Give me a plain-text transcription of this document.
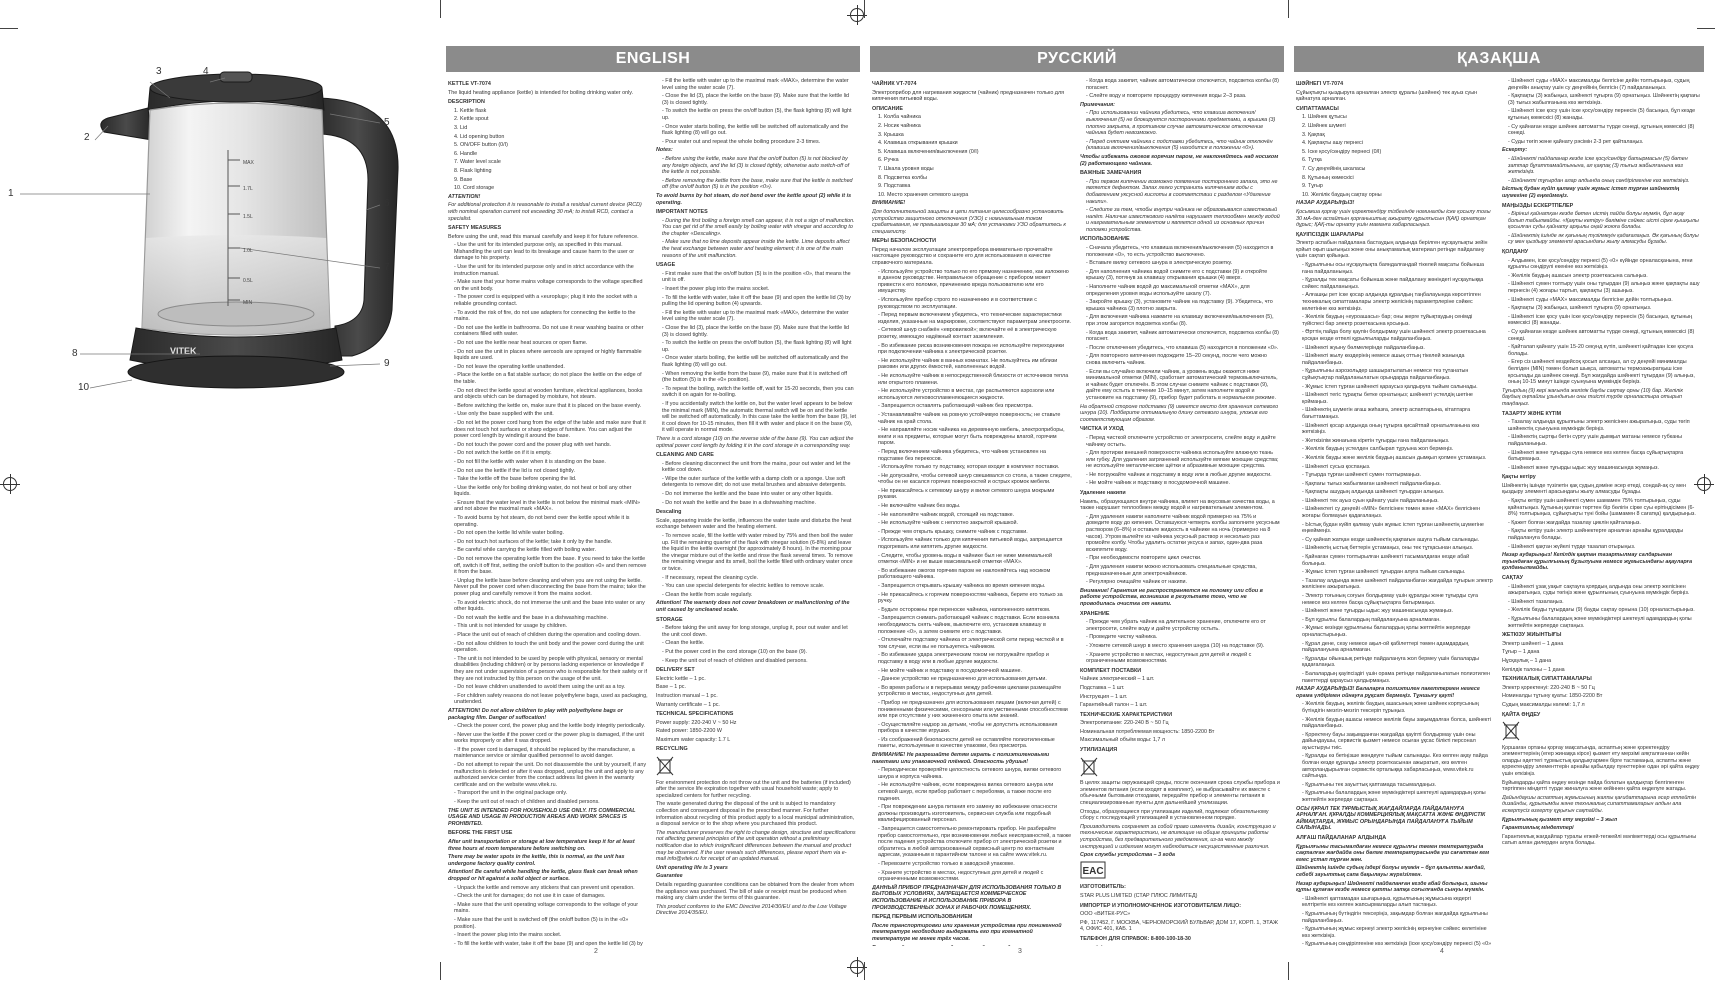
VITEK
MAX
1.7L
1.5L
1.0L
0.5L
MIN
1
2
3	4
5
6
7
8
9
10
ENGLISH

KETTLE VT-7074

The liquid heating appliance (kettle) is intended for boiling drinking water only.

DESCRIPTION

1. Kettle flask

2. Kettle spout

3. Lid

4. Lid opening button

5. ON/OFF button (0/I)

6. Handle

7. Water level scale

8. Flask lighting

9. Base

10. Cord storage

ATTENTION!

For additional protection it is reasonable to install a residual current device (RCD) with nominal operation current not exceeding 30 mA; to install RCD, contact a specialist.

SAFETY MEASURES

Before using the unit, read this manual carefully and keep it for future reference.

- Use the unit for its intended purpose only, as specified in this manual. Mishandling the unit can lead to its breakage and cause harm to the user or damage to his property.

- Use the unit for its intended purpose only and in strict accordance with the instruction manual.

- Make sure that your home mains voltage corresponds to the voltage specified on the unit body.

- The power cord is equipped with a «europlug»; plug it into the socket with a reliable grounding contact.

- To avoid the risk of fire, do not use adapters for connecting the kettle to the mains.

- Do not use the kettle in bathrooms. Do not use it near washing basins or other containers filled with water.

- Do not use the kettle near heat sources or open flame.

- Do not use the unit in places where aerosols are sprayed or highly flammable liquids are used.

- Do not leave the operating kettle unattended.

- Place the kettle on a flat stable surface; do not place the kettle on the edge of the table.

- Do not direct the kettle spout at wooden furniture, electrical appliances, books and objects which can be damaged by moisture, hot steam.

- Before switching the kettle on, make sure that it is placed on the base evenly.

- Use only the base supplied with the unit.

- Do not let the power cord hang from the edge of the table and make sure that it does not touch hot surfaces or sharp edges of furniture. You can adjust the power cord length by winding it around the base.

- Do not touch the power cord and the power plug with wet hands.

- Do not switch the kettle on if it is empty.

- Do not fill the kettle with water when it is standing on the base.

- Do not use the kettle if the lid is not closed tightly.

- Take the kettle off the base before opening the lid.

- Use the kettle only for boiling drinking water, do not heat or boil any other liquids.

- Ensure that the water level in the kettle is not below the minimal mark «MIN» and not above the maximal mark «MAX».

- To avoid burns by hot steam, do not bend over the kettle spout while it is operating.

- Do not open the kettle lid while water boiling.

- Do not touch hot surfaces of the kettle; take it only by the handle.

- Be careful while carrying the kettle filled with boiling water.

- Do not remove the operating kettle from the base. If you need to take the kettle off, switch it off first, setting the on/off button to the position «0» and then remove it from the base.

- Unplug the kettle base before cleaning and when you are not using the kettle. Never pull the power cord when disconnecting the base from the mains; take the power plug and carefully remove it from the mains socket.

- To avoid electric shock, do not immerse the unit and the base into water or any other liquids.

- Do not wash the kettle and the base in a dishwashing machine.

- This unit is not intended for usage by children.

- Place the unit out of reach of children during the operation and cooling down.

- Do not allow children to touch the unit body and the power cord during the unit operation.

- The unit is not intended to be used by people with physical, sensory or mental disabilities (including children) or by persons lacking experience or knowledge if they are not under supervision of a person who is responsible for their safety or if they are not instructed by this person on the usage of the unit.

- Do not leave children unattended to avoid them using the unit as a toy.

- For children safety reasons do not leave polyethylene bags, used as packaging, unattended.

ATTENTION! Do not allow children to play with polyethylene bags or packaging film. Danger of suffocation!

- Check the power cord, the power plug and the kettle body integrity periodically.

- Never use the kettle if the power cord or the power plug is damaged, if the unit works improperly or after it was dropped.

- If the power cord is damaged, it should be replaced by the manufacturer, a maintenance service or similar qualified personnel to avoid danger.

- Do not attempt to repair the unit. Do not disassemble the unit by yourself, if any malfunction is detected or after it was dropped, unplug the unit and apply to any authorized service center from the contact address list given in the warranty certificate and on the website www.vitek.ru.

- Transport the unit in the original package only.

- Keep the unit out of reach of children and disabled persons.

THE UNIT IS INTENDED FOR HOUSEHOLD USE ONLY. ITS COMMERCIAL USAGE AND USAGE IN PRODUCTION AREAS AND WORK SPACES IS PROHIBITED.

BEFORE THE FIRST USE

After unit transportation or storage at low temperature keep it for at least three hours at room temperature before switching on.

There may be water spots in the kettle, this is normal, as the unit has undergone factory quality control.

Attention! Be careful while handling the kettle, glass flask can break when dropped or hit against a solid object or surface.

- Unpack the kettle and remove any stickers that can prevent unit operation.

- Check the unit for damages; do not use it in case of damages.

- Make sure that the unit operating voltage corresponds to the voltage of your mains.

- Make sure that the unit is switched off (the on/off button (5) is in the «0» position).

- Insert the power plug into the mains socket.

- To fill the kettle with water, take it off the base (9) and open the kettle lid (3) by

- Fill the kettle with water up to the maximal mark «MAX», determine the water level using the water scale (7).

- Close the lid (3), place the kettle on the base (9). Make sure that the kettle lid (3) is closed tightly.

- To switch the kettle on press the on/off button (5), the flask lighting (8) will light up.

- Once water starts boiling, the kettle will be switched off automatically and the flask lighting (8) will go out.

- Pour water out and repeat the whole boiling procedure 2-3 times.

Notes:

- Before using the kettle, make sure that the on/off button (5) is not blocked by any foreign objects, and the lid (3) is closed tightly, otherwise auto switch-off of the kettle is not possible.

- Before removing the kettle from the base, make sure that the kettle is switched off (the on/off button (5) is in the position «0»).

To avoid burns by hot steam, do not bend over the kettle spout (2) while it is operating.

IMPORTANT NOTES

- During the first boiling a foreign smell can appear, it is not a sign of malfunction. You can get rid of the smell easily by boiling water with vinegar and according to the chapter «Descaling».

- Make sure that no lime deposits appear inside the kettle. Lime deposits affect the heat exchange between water and heating element; it is one of the main reasons of the unit malfunction.

USAGE

- First make sure that the on/off button (5) is in the position «0», that means the unit is off.

- Insert the power plug into the mains socket.

- To fill the kettle with water, take it off the base (9) and open the kettle lid (3) by pulling the lid opening button (4) upwards.

- Fill the kettle with water up to the maximal mark «MAX», determine the water level using the water scale (7).

- Close the lid (3), place the kettle on the base (9). Make sure that the kettle lid (3) is closed tightly.

- To switch the kettle on press the on/off button (5), the flask lighting (8) will light up.

- Once water starts boiling, the kettle will be switched off automatically and the flask lighting (8) will go out.

- When removing the kettle from the base (9), make sure that it is switched off (the button (5) is in the «0» position).

- To repeat the boiling, switch the kettle off, wait for 15-20 seconds, then you can switch it on again for re-boiling.

- If you accidentally switch the kettle on, but the water level appears to be below the minimal mark (MIN), the automatic thermal switch will be on and the kettle will be switched off automatically. In this case take the kettle from the base (9), let it cool down for 10-15 minutes, then fill it with water and place it on the base (9), it will operate in normal mode.

There is a cord storage (10) on the reverse side of the base (9). You can adjust the optimal power cord length by folding it in the cord storage in a corresponding way.

CLEANING AND CARE

- Before cleaning disconnect the unit from the mains, pour out water and let the kettle cool down.

- Wipe the outer surface of the kettle with a damp cloth or a sponge. Use soft detergents to remove dirt; do not use metal brushes and abrasive detergents.

- Do not immerse the kettle and the base into water or any other liquids.

- Do not wash the kettle and the base in a dishwashing machine.

Descaling

Scale, appearing inside the kettle, influences the water taste and disturbs the heat exchange between water and the heating element.

- To remove scale, fill the kettle with water mixed by 75% and then boil the water up. Fill the remaining quarter of the flask with vinegar solution (6-8%) and leave the liquid in the kettle overnight (for approximately 8 hours). In the morning pour the vinegar mixture out of the kettle and rinse the flask several times. To remove the remaining vinegar and its smell, boil the kettle filled with ordinary water once or twice.

- If necessary, repeat the cleaning cycle.

- You can use special detergents for electric kettles to remove scale.

- Clean the kettle from scale regularly.

Attention! The warranty does not cover breakdown or malfunctioning of the unit caused by uncleaned scale.

STORAGE

- Before taking the unit away for long storage, unplug it, pour out water and let the unit cool down.

- Clean the kettle.

- Put the power cord in the cord storage (10) on the base (9).

- Keep the unit out of reach of children and disabled persons.

DELIVERY SET

Electric kettle – 1 pc.

Base – 1 pc.

Instruction manual – 1 pc.

Warranty certificate – 1 pc.

TECHNICAL SPECIFICATIONS

Power supply: 220-240 V ~ 50 Hz

Rated power: 1850-2200 W

Maximum water capacity: 1.7 L

RECYCLING

For environment protection do not throw out the unit and the batteries (if included) after the service life expiration together with usual household waste; apply to specialized centers for further recycling.

The waste generated during the disposal of the unit is subject to mandatory collection and consequent disposal in the prescribed manner. For further information about recycling of this product apply to a local municipal administration, a disposal service or to the shop where you purchased this product.

The manufacturer preserves the right to change design, structure and specifications not affecting general principles of the unit operation without a preliminary notification due to which insignificant differences between the manual and product may be observed. If the user reveals such differences, please report them via e-mail info@vitek.ru for receipt of an updated manual.

Unit operating life is 3 years

Guarantee

Details regarding guarantee conditions can be obtained from the dealer from whom the appliance was purchased. The bill of sale or receipt must be produced when making any claim under the terms of this guarantee.

This product conforms to the EMC Directive 2014/30/EU and to the Low Voltage Directive 2014/35/EU.

2
РУССКИЙ

ЧАЙНИК VT-7074

Электроприбор для нагревания жидкости (чайник) предназначен только для кипячения питьевой воды.

ОПИСАНИЕ

1. Колба чайника

2. Носик чайника

3. Крышка

4. Клавиша открывания крышки

5. Клавиша включения/выключения (0/I)

6. Ручка

7. Шкала уровня воды

8. Подсветка колбы

9. Подставка

10. Место хранения сетевого шнура

ВНИМАНИЕ!

Для дополнительной защиты в цепи питания целесообразно установить устройство защитного отключения (УЗО) с номинальным током срабатывания, не превышающим 30 мА; для установки УЗО обратитесь к специалисту.

МЕРЫ БЕЗОПАСНОСТИ

Перед началом эксплуатации электроприбора внимательно прочитайте настоящее руководство и сохраните его для использования в качестве справочного материала.

- Используйте устройство только по его прямому назначению, как изложено в данном руководстве. Неправильное обращение с прибором может привести к его поломке, причинению вреда пользователю или его имуществу.

- Используйте прибор строго по назначению и в соответствии с руководством по эксплуатации.

- Перед первым включением убедитесь, что технические характеристики изделия, указанные на маркировке, соответствуют параметрам электросети.

- Сетевой шнур снабжён «евровилкой»; включайте её в электрическую розетку, имеющую надёжный контакт заземления.

- Во избежание риска возникновения пожара не используйте переходники при подключении чайника к электрической розетке.

- Не используйте чайник в ванных комнатах. Не пользуйтесь им вблизи раковин или других ёмкостей, наполненных водой.

- Не используйте чайник в непосредственной близости от источников тепла или открытого пламени.

- Не используйте устройство в местах, где распыляются аэрозоли или используются легковоспламеняющиеся жидкости.

- Запрещается оставлять работающий чайник без присмотра.

- Устанавливайте чайник на ровную устойчивую поверхность; не ставьте чайник на край стола.

- Не направляйте носик чайника на деревянную мебель, электроприборы, книги и на предметы, которые могут быть повреждены влагой, горячим паром.

- Перед включением чайника убедитесь, что чайник установлен на подставке без перекосов.

- Используйте только ту подставку, которая входит в комплект поставки.

- Не допускайте, чтобы сетевой шнур свешивался со стола, а также следите, чтобы он не касался горячих поверхностей и острых кромок мебели.

- Не прикасайтесь к сетевому шнуру и вилке сетевого шнура мокрыми руками.

- Не включайте чайник без воды.

- Не наполняйте чайник водой, стоящий на подставке.

- Не используйте чайник с неплотно закрытой крышкой.

- Прежде чем открыть крышку, снимите чайник с подставки.

- Используйте чайник только для кипячения питьевой воды, запрещается подогревать или кипятить другие жидкости.

- Следите, чтобы уровень воды в чайнике был не ниже минимальной отметки «MIN» и не выше максимальной отметки «MAX».

- Во избежание ожогов горячим паром не наклоняйтесь над носиком работающего чайника.

- Запрещается открывать крышку чайника во время кипения воды.

- Не прикасайтесь к горячим поверхностям чайника, берите его только за ручку.

- Будьте осторожны при переноске чайника, наполненного кипятком.

- Запрещается снимать работающий чайник с подставки. Если возникла необходимость снять чайник, выключите его, установив клавишу в положение «0», а затем снимите его с подставки.

- Отключайте подставку чайника от электрической сети перед чисткой и в том случае, если вы не пользуетесь чайником.

- Во избежание удара электрическим током не погружайте прибор и подставку в воду или в любые другие жидкости.

- Не мойте чайник и подставку в посудомоечной машине.

- Данное устройство не предназначено для использования детьми.

- Во время работы и в перерывах между рабочими циклами размещайте устройство в местах, недоступных для детей.

- Прибор не предназначен для использования лицами (включая детей) с пониженными физическими, сенсорными или умственными способностями или при отсутствии у них жизненного опыта или знаний.

- Осуществляйте надзор за детьми, чтобы не допустить использования прибора в качестве игрушки.

- Из соображений безопасности детей не оставляйте полиэтиленовые пакеты, используемые в качестве упаковки, без присмотра.

ВНИМАНИЕ! Не разрешайте детям играть с полиэтиленовыми пакетами или упаковочной плёнкой. Опасность удушья!

- Периодически проверяйте целостность сетевого шнура, вилки сетевого шнура и корпуса чайника.

- Не используйте чайник, если повреждена вилка сетевого шнура или сетевой шнур, если прибор работает с перебоями, а также после его падения.

- При повреждении шнура питания его замену во избежание опасности должны производить изготовитель, сервисная служба или подобный квалифицированный персонал.

- Запрещается самостоятельно ремонтировать прибор. Не разбирайте прибор самостоятельно, при возникновении любых неисправностей, а также после падения устройства отключите прибор от электрической розетки и обратитесь в любой авторизованный сервисный центр по контактным адресам, указанным в гарантийном талоне и на сайте www.vitek.ru.

- Перевозите устройство только в заводской упаковке.

- Храните устройство в местах, недоступных для детей и людей с ограниченными возможностями.

ДАННЫЙ ПРИБОР ПРЕДНАЗНАЧЕН ДЛЯ ИСПОЛЬЗОВАНИЯ ТОЛЬКО В БЫТОВЫХ УСЛОВИЯХ, ЗАПРЕЩАЕТСЯ КОММЕРЧЕСКОЕ ИСПОЛЬЗОВАНИЕ И ИСПОЛЬЗОВАНИЕ ПРИБОРА В ПРОИЗВОДСТВЕННЫХ ЗОНАХ И РАБОЧИХ ПОМЕЩЕНИЯХ.

ПЕРЕД ПЕРВЫМ ИСПОЛЬЗОВАНИЕМ

После транспортировки или хранения устройства при пониженной температуре необходимо выдержать его при комнатной температуре не менее трёх часов.

- Когда вода закипит, чайник автоматически отключится, подсветка колбы (8) погаснет.

- Слейте воду и повторите процедуру кипячения воды 2–3 раза.

Примечания:

- При использовании чайника убедитесь, что клавиша включения/выключения (5) не блокируется посторонними предметами, а крышка (3) плотно закрыта, в противном случае автоматическое отключение чайника будет невозможно.

- Перед снятием чайника с подставки убедитесь, что чайник отключён (клавиша включения/выключения (5) находится в положении «0»).

Чтобы избежать ожогов горячим паром, не наклоняйтесь над носиком (2) работающего чайника.

ВАЖНЫЕ ЗАМЕЧАНИЯ

- При первом кипячении возможно появление постороннего запаха, это не является дефектом. Запах легко устранить кипячением воды с добавлением уксусной кислоты в соответствии с разделом «Удаление накипи».

- Следите за тем, чтобы внутри чайника не образовывался известковый налёт. Наличие известкового налёта нарушает теплообмен между водой и нагревательным элементом и является одной из основных причин поломки устройства.

ИСПОЛЬЗОВАНИЕ

- Сначала убедитесь, что клавиша включения/выключения (5) находится в положении «0», то есть устройство выключено.

- Вставьте вилку сетевого шнура в электрическую розетку.

- Для наполнения чайника водой снимите его с подставки (9) и откройте крышку (3), потянув за клавишу открывания крышки (4) вверх.

- Наполните чайник водой до максимальной отметки «MAX», для определения уровня воды используйте шкалу (7).

- Закройте крышку (3), установите чайник на подставку (9). Убедитесь, что крышка чайника (3) плотно закрыта.

- Для включения чайника нажмите на клавишу включения/выключения (5), при этом загорится подсветка колбы (8).

- Когда вода закипит, чайник автоматически отключится, подсветка колбы (8) погаснет.

- После отключения убедитесь, что клавиша (5) находится в положении «0».

- Для повторного кипячения подождите 15–20 секунд, после чего можно снова включить чайник.

- Если вы случайно включили чайник, а уровень воды окажется ниже минимальной отметки (MIN), сработает автоматический термовыключатель, и чайник будет отключён. В этом случае снимите чайник с подставки (9), дайте ему остыть в течение 10–15 минут, затем наполните водой и установите на подставку (9), прибор будет работать в нормальном режиме.

На обратной стороне подставки (9) имеется место для хранения сетевого шнура (10). Подберите оптимальную длину сетевого шнура, уложив его соответствующим образом.

ЧИСТКА И УХОД

- Перед чисткой отключите устройство от электросети, слейте воду и дайте чайнику остыть.

- Для протирки внешней поверхности чайника используйте влажную ткань или губку. Для удаления загрязнений используйте мягкие моющие средства; не используйте металлические щётки и абразивные моющие средства.

- Не погружайте чайник и подставку в воду или в любые другие жидкости.

- Не мойте чайник и подставку в посудомоечной машине.

Удаление накипи

Накипь, образующаяся внутри чайника, влияет на вкусовые качества воды, а также нарушает теплообмен между водой и нагревательным элементом.

- Для удаления накипи наполните чайник водой примерно на 75% и доведите воду до кипения. Оставшуюся четверть колбы заполните уксусным раствором (6–8%) и оставьте жидкость в чайнике на ночь (примерно на 8 часов). Утром вылейте из чайника уксусный раствор и несколько раз промойте колбу. Чтобы удалить остатки уксуса и запах, один-два раза вскипятите воду.

- При необходимости повторите цикл очистки.

- Для удаления накипи можно использовать специальные средства, предназначенные для электрочайников.

- Регулярно очищайте чайник от накипи.

Внимание! Гарантия не распространяется на поломку или сбои в работе устройства, возникшие в результате того, что не проводилась очистка от накипи.

ХРАНЕНИЕ

- Прежде чем убрать чайник на длительное хранение, отключите его от электросети, слейте воду и дайте устройству остыть.

- Проведите чистку чайника.

- Уложите сетевой шнур в место хранения шнура (10) на подставке (9).

- Храните устройство в местах, недоступных для детей и людей с ограниченными возможностями.

КОМПЛЕКТ ПОСТАВКИ

Чайник электрический – 1 шт.

Подставка – 1 шт.

Инструкция – 1 шт.

Гарантийный талон – 1 шт.

ТЕХНИЧЕСКИЕ ХАРАКТЕРИСТИКИ

Электропитание: 220-240 В ~ 50 Гц

Номинальная потребляемая мощность: 1850-2200 Вт

Максимальный объём воды: 1,7 л

УТИЛИЗАЦИЯ

В целях защиты окружающей среды, после окончания срока службы прибора и элементов питания (если входят в комплект), не выбрасывайте их вместе с обычными бытовыми отходами, передайте прибор и элементы питания в специализированные пункты для дальнейшей утилизации.

Отходы, образующиеся при утилизации изделий, подлежат обязательному сбору с последующей утилизацией в установленном порядке.

Производитель сохраняет за собой право изменять дизайн, конструкцию и технические характеристики, не влияющие на общие принципы работы устройства, без предварительного уведомления, из-за чего между инструкцией и изделием могут наблюдаться несущественные различия.

Срок службы устройства – 3 года

EAC

ИЗГОТОВИТЕЛЬ:

STAR PLUS LIMITED (СТАР ПЛЮС ЛИМИТЕД)

ИМПОРТЕР И УПОЛНОМОЧЕННОЕ ИЗГОТОВИТЕЛЕМ ЛИЦО:

ООО «ВИТЕК-РУС»

РФ, 117452, Г. МОСКВА, ЧЕРНОМОРСКИЙ БУЛЬВАР, ДОМ 17, КОРП. 1, ЭТАЖ 4, ОФИС 401, КАБ. 1

ТЕЛЕФОН ДЛЯ СПРАВОК: 8-800-100-18-30

3
ҚАЗАҚША

ШӘЙНЕГІ VT-7074

Сұйықтықты қыздыруға арналған электр құралы (шәйнек) тек ауыз суын қайнатуға арналған.

СИПАТТАМАСЫ

1. Шәйнек құтысы

2. Шәйнек шүмегі

3. Қақпақ

4. Қақпақты ашу пернесі

5. Іске қосу/сөндіру пернесі (0/I)

6. Тұтқа

7. Су деңгейінің шкаласы

8. Құтының көмескісі

9. Тұғыр

10. Желілік баудың сақтау орны

НАЗАР АУДАРЫҢЫЗ!

Қосымша қорғау үшін қоректендіру тізбегінде номиналды іске қосылу тогы 30 мА-ден аспайтын қорғаныштық ажырату құрылғысын (ҚАҚ) орнатқан дұрыс; ҚАҚ-ты орнату үшін маманға хабарласыңыз.

ҚАУІПСІЗДІК ШАРАЛАРЫ

Электр аспабын пайдалана бастаудың алдында берілген нұсқаулықты зейін қойып оқып шығыңыз және оны анықтамалық материал ретінде пайдалану үшін сақтап қойыңыз.

- Құрылғыны осы нұсқаулықта баяндалғандай тікелей мақсаты бойынша ғана пайдаланыңыз.

- Құралды тек мақсаты бойынша және пайдалану жөніндегі нұсқаулыққа сәйкес пайдаланыңыз.

- Алғашқы рет іске қосар алдында құралдың таңбалауында көрсетілген техникалық сипаттамалары электр желісінің параметрлеріне сәйкес келетініне көз жеткізіңіз.

- Желілік баудың «еуроашасы» бар; оны жерге тұйықтаудың сенімді түйіспесі бар электр розеткасына қосыңыз.

- Өрттің пайда болу қаупін болдырмау үшін шәйнекті электр розеткасына қосқан кезде өтпелі құрылғыларды пайдаланбаңыз.

- Шәйнекті жуыну бөлмелерінде пайдаланбаңыз.

- Шәйнекті жылу көздерінің немесе ашық оттың тікелей жанында пайдаланбаңыз.

- Құрылғыны аэрозольдер шашыратылатын немесе тез тұтанатын сұйықтықтар пайдаланылатын орындарда пайдаланбаңыз.

- Жұмыс істеп тұрған шәйнекті қараусыз қалдыруға тыйым салынады.

- Шәйнекті тегіс тұрақты бетке орнатыңыз; шәйнекті үстелдің шетіне қоймаңыз.

- Шәйнектің шүмегін ағаш жиһазға, электр аспаптарына, кітаптарға бағыттамаңыз.

- Шәйнекті қосар алдында оның тұғырға қисайтпай орнатылғанына көз жеткізіңіз.

- Жеткізілім жинағына кіретін тұғырды ғана пайдаланыңыз.

- Желілік баудың үстелден салбырап тұруына жол бермеңіз.

- Желілік бауды және желілік баудың ашасын дымқыл қолмен ұстамаңыз.

- Шәйнекті сусыз қоспаңыз.

- Тұғырда тұрған шәйнекті сумен толтырмаңыз.

- Қақпағы тығыз жабылмаған шәйнекті пайдаланбаңыз.

- Қақпақты ашудың алдында шәйнекті тұғырдан алыңыз.

- Шәйнекті тек ауыз суын қайнату үшін пайдаланыңыз.

- Шәйнектегі су деңгейі «MIN» белгісінен төмен және «MAX» белгісінен жоғары болмауын қадағалаңыз.

- Ыстық будан күйіп қалмау үшін жұмыс істеп тұрған шәйнектің шүмегіне еңкеймеңіз.

- Су қайнап жатқан кезде шәйнектің қақпағын ашуға тыйым салынады.

- Шәйнектің ыстық беттерін ұстамаңыз, оны тек тұтқасынан алыңыз.

- Қайнаған сумен толтырылған шәйнекті тасымалдаған кезде абай болыңыз.

- Жұмыс істеп тұрған шәйнекті тұғырдан алуға тыйым салынады.

- Тазалау алдында және шәйнекті пайдаланбаған жағдайда тұғырын электр желісінен ажыратыңыз.

- Электр тоғының соғуын болдырмау үшін құралды және тұғырды суға немесе кез келген басқа сұйықтықтарға батырмаңыз.

- Шәйнекті және тұғырды ыдыс жуу машинасында жумаңыз.

- Бұл құрылғы балалардың пайдалануына арналмаған.

- Жұмыс кезінде құрылғыны балалардың қолы жетпейтін жерлерде орналастырыңыз.

- Құрал дене, сезу немесе ақыл-ой қабілеттері төмен адамдардың пайдалануына арналмаған.

- Құралды ойыншық ретінде пайдалануға жол бермеу үшін балаларды қадағалаңыз.

- Балалардың қауіпсіздігі үшін орама ретінде пайдаланылатын полиэтилен пакеттерді қараусыз қалдырмаңыз.

НАЗАР АУДАРЫҢЫЗ! Балаларға полиэтилен пакеттермен немесе орама үлдірімен ойнауға рұқсат бермеңіз. Тұншығу қаупі!

- Желілік баудың, желілік баудың ашасының және шәйнек корпусының бүтіндігін мезгіл-мезгіл тексеріп тұрыңыз.

- Желілік баудың ашасы немесе желілік бауы зақымдалған болса, шәйнекті пайдаланбаңыз.

- Қоректену бауы зақымданған жағдайда қауіпті болдырмау үшін оны дайындаушы, сервистік қызмет немесе осыған ұқсас білікті персонал ауыстыруы тиіс.

- Құралды өз бетіңізше жөндеуге тыйым салынады. Кез келген ақау пайда болған кезде құралды электр розеткасынан ажыратып, кез келген авторландырылған сервистік орталыққа хабарласыңыз, www.vitek.ru сайтында.

- Құрылғыны тек зауыттық қаптамада тасымалдаңыз.

- Құрылғыны балалардың және мүмкіндіктері шектеулі адамдардың қолы жетпейтін жерлерде сақтаңыз.

ОСЫ ҚҰРАЛ ТЕК ТҰРМЫСТЫҚ ЖАҒДАЙЛАРДА ПАЙДАЛАНУҒА АРНАЛҒАН. ҚҰРАЛДЫ КОММЕРЦИЯЛЫҚ МАҚСАТТА ЖӘНЕ ӨНДІРІСТІК АЙМАҚТАРДА, ЖҰМЫС ОРЫНДАРЫНДА ПАЙДАЛАНУҒА ТЫЙЫМ САЛЫНАДЫ.

АЛҒАШ ПАЙДАЛАНАР АЛДЫНДА

Құрылғыны тасымалдаған немесе құрылғы төмен температурада сақталған жағдайда оны бөлме температурасында үш сағаттан кем емес ұстап тұрған жөн.

Шәйнектің ішінде судың іздері болуы мүмкін – бұл қалыпты жағдай, себебі зауыттық сапа бақылауы жүргізілген.

Назар аударыңыз! Шәйнекті пайдаланған кезде абай болыңыз, шыны құты құлаған кезде немесе қатты затқа соғылғанда сынуы мүмкін.

- Шәйнекті қаптамадан шығарыңыз, құрылғының жұмысына кедергі келтіретін кез келген жапсырмаларды алып тастаңыз.

- Құрылғының бүтіндігін тексеріңіз, зақымдар болған жағдайда құрылғыны пайдаланбаңыз.

- Құрылғының жұмыс кернеуі электр желісінің кернеуіне сәйкес келетініне көз жеткізіңіз.

- Құрылғының сөндірілгеніне көз жеткізіңіз (іске қосу/сөндіру пернесі (5) «0»

- Шәйнекті суды «MAX» максималды белгісіне дейін толтырыңыз, судың деңгейін анықтау үшін су деңгейінің белгісін (7) пайдаланыңыз.

- Қақпақты (3) жабыңыз, шәйнекті тұғырға (9) орнатыңыз. Шәйнектің қақпағы (3) тығыз жабылғанына көз жеткізіңіз.

- Шәйнекті іске қосу үшін іске қосу/сөндіру пернесін (5) басыңыз, бұл кезде құтының көмескісі (8) жанады.

- Су қайнаған кезде шәйнек автоматты түрде сөнеді, құтының көмескісі (8) сөнеді.

- Суды төгіп және қайнату рәсімін 2-3 рет қайталаңыз.

Ескерту:

- Шәйнекті пайдаланар кезде іске қосу/сөндіру батырмасын (5) бөтен заттар бұғаттамайтынына, ал қақпақ (3) тығыз жабылғанына көз жеткізіңіз.

- Шәйнекті тұғырдан алар алдында оның сөндірілгеніне көз жеткізіңіз.

Ыстық будан күйіп қалмау үшін жұмыс істеп тұрған шәйнектің шүмегіне (2) еңкеймеңіз.

МАҢЫЗДЫ ЕСКЕРТПЕЛЕР

- Бірінші қайнатқан кезде бөтен иістің пайда болуы мүмкін, бұл ақау болып табылмайды. «Қақты кетіру» бөліміне сәйкес иісті сірке қышқылы қосылған суды қайнату арқылы оңай жоюға болады.

- Шәйнектің ішінде әк қағының түзілмеуін қадағалаңыз. Әк қағының болуы су мен қыздыру элементі арасындағы жылу алмасуды бұзады.

ҚОЛДАНУ

- Алдымен, іске қосу/сөндіру пернесі (5) «0» күйінде орналасқанына, яғни құрылғы сөндірулі екеніне көз жеткізіңіз.

- Желілік баудың ашасын электр розеткасына салыңыз.

- Шәйнекті сумен толтыру үшін оны тұғырдан (9) алыңыз және қақпақты ашу пернесін (4) жоғары тартып, қақпақты (3) ашыңыз.

- Шәйнекті суды «MAX» максималды белгісіне дейін толтырыңыз.

- Қақпақты (3) жабыңыз, шәйнекті тұғырға (9) орнатыңыз.

- Шәйнекті іске қосу үшін іске қосу/сөндіру пернесін (5) басыңыз, құтының көмескісі (8) жанады.

- Су қайнаған кезде шәйнек автоматты түрде сөнеді, құтының көмескісі (8) сөнеді.

- Қайталап қайнату үшін 15-20 секунд күтіп, шәйнекті қайтадан іске қосуға болады.

- Егер сіз шәйнекті кездейсоқ қосып алсаңыз, ал су деңгейі минималды белгіден (MIN) төмен болып шықса, автоматты термоажыратқыш іске қосылады да шәйнек сөнеді. Бұл жағдайда шәйнекті тұғырдан (9) алыңыз, оның 10-15 минут ішінде суынуына мүмкіндік беріңіз.

Тұғырдың (9) кері жағында желілік бауды сақтау орны (10) бар. Желілік баудың оңтайлы ұзындығын оны тиісті түрде орналастыра отырып таңдаңыз.

ТАЗАРТУ ЖӘНЕ КҮТІМ

- Тазалау алдында құрылғыны электр желісінен ажыратыңыз, суды төгіп шәйнектің суынуына мүмкіндік беріңіз.

- Шәйнектің сыртқы бетін сүрту үшін дымқыл матаны немесе губканы пайдаланыңыз.

- Шәйнекті және тұғырды суға немесе кез келген басқа сұйықтықтарға батырмаңыз.

- Шәйнекті және тұғырды ыдыс жуу машинасында жумаңыз.

Қақты кетіру

Шәйнектің ішінде түзілетін қақ судың дәміне әсер етеді, сондай-ақ су мен қыздыру элементі арасындағы жылу алмасуды бұзады.

- Қақты кетіру үшін шәйнекті сумен шамамен 75% толтырыңыз, суды қайнатыңыз. Құтының қалған төрттен бір бөлігін сірке суы ерітіндісімен (6-8%) толтырыңыз, сұйықтықты түні бойы (шамамен 8 сағатқа) қалдырыңыз.

- Қажет болған жағдайда тазалау циклін қайталаңыз.

- Қақты кетіру үшін электр шәйнектерге арналған арнайы құралдарды пайдалануға болады.

- Шәйнекті қақтан жүйелі түрде тазалап отырыңыз.

Назар аударыңыз! Кепілдік қақтан тазартылмау салдарынан туындаған құрылғының бұзылуына немесе жұмысындағы ақауларға қолданылмайды.

САҚТАУ

- Шәйнекті ұзақ уақыт сақтауға қоярдың алдында оны электр желісінен ажыратыңыз, суды төгіңіз және құрылғының суынуына мүмкіндік беріңіз.

- Шәйнекті тазалаңыз.

- Желілік бауды тұғырдағы (9) бауды сақтау орнына (10) орналастырыңыз.

- Құрылғыны балалардың және мүмкіндіктері шектеулі адамдардың қолы жетпейтін жерлерде сақтаңыз.

ЖЕТКІЗУ ЖИЫНТЫҒЫ

Электр шәйнегі – 1 дана

Тұғыр – 1 дана

Нұсқаулық – 1 дана

Кепілдік талоны – 1 дана

ТЕХНИКАЛЫҚ СИПАТТАМАЛАРЫ

Электр қоректенуі: 220-240 В ~ 50 Гц

Номиналды тұтыну қуаты: 1850-2200 Вт

Судың максималды көлемі: 1,7 л

ҚАЙТА ӨҢДЕУ

Қоршаған ортаны қорғау мақсатында, аспаптың және қоректендіру элементтерінің (егер жинаққа кірсе) қызмет ету мерзімі аяқталғаннан кейін оларды әдеттегі тұрмыстық қалдықтармен бірге тастамаңыз, аспапты және қоректендіру элементтерін арнайы қабылдау пункттеріне одан әрі қайта өңдеу үшін өткізіңіз.

Бұйымдарды қайта өңдеу кезінде пайда болатын қалдықтар белгіленген тәртіппен міндетті түрде жиналуға және кейіннен қайта өңделуге жатады.

Дайындаушы аспаптың жұмысының жалпы қағидаттарына әсер етпейтін дизайнды, құрылымды және техникалық сипаттамаларын алдын ала ескертусіз өзгерту құқығын сақтайды.

Құрылғының қызмет ету мерзімі – 3 жыл

Гарантиялық міндеттері

Гарантиялық жағдайлар туралы егжей-тегжейлі мәліметтерді осы құрылғыны сатып алған дилерден алуға болады.

4
